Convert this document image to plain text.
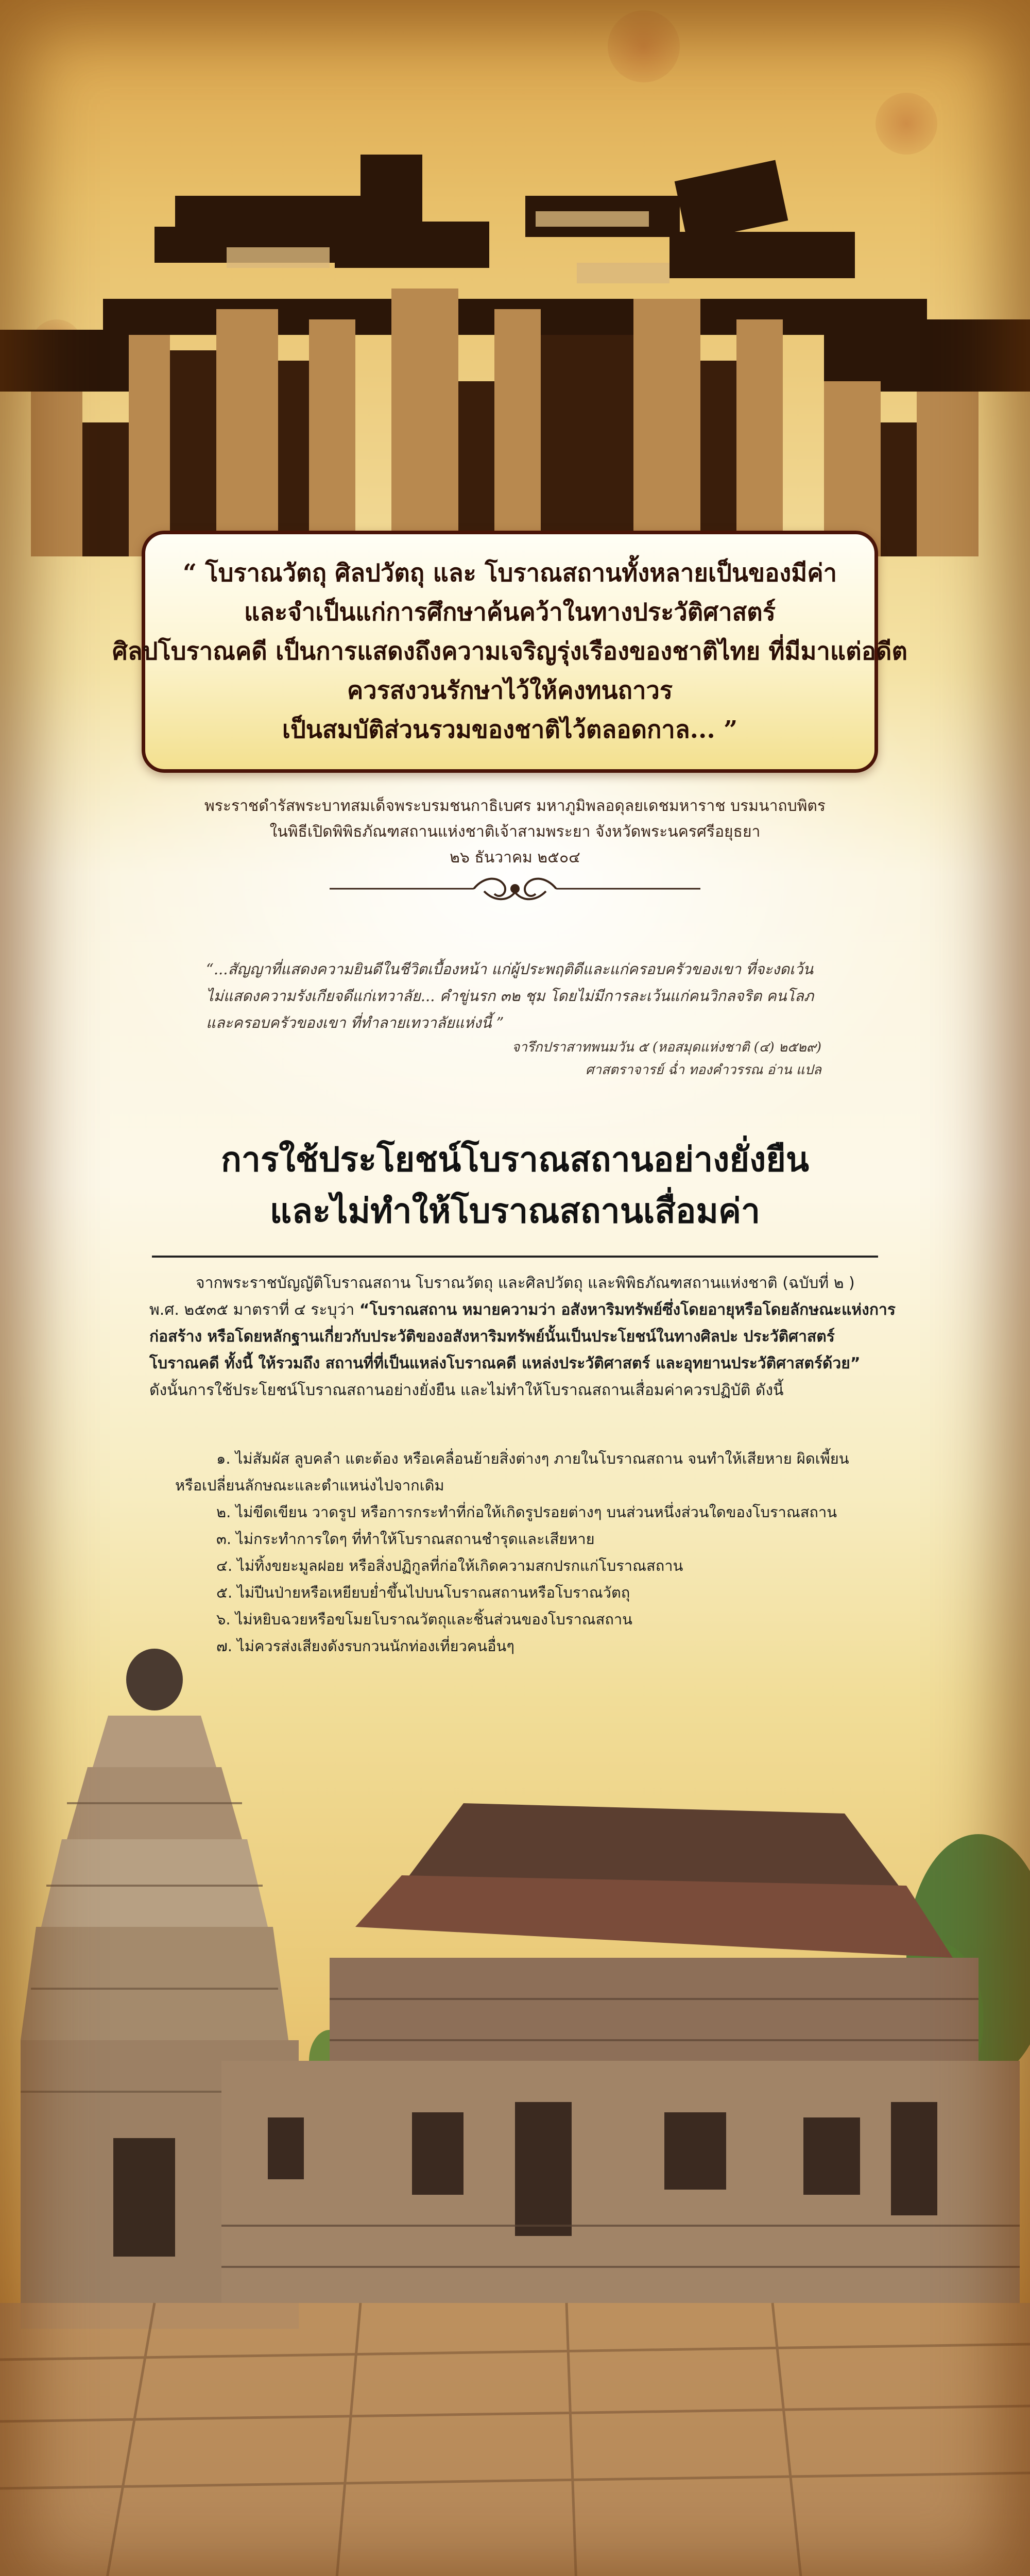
“ โบราณวัตถุ ศิลปวัตถุ และ โบราณสถานทั้งหลายเป็นของมีค่า
และจำเป็นแก่การศึกษาค้นคว้าในทางประวัติศาสตร์
ศิลปโบราณคดี เป็นการแสดงถึงความเจริญรุ่งเรืองของชาติไทย ที่มีมาแต่อดีต
ควรสงวนรักษาไว้ให้คงทนถาวร
เป็นสมบัติส่วนรวมของชาติไว้ตลอดกาล... ”
พระราชดำรัสพระบาทสมเด็จพระบรมชนกาธิเบศร มหาภูมิพลอดุลยเดชมหาราช บรมนาถบพิตร
ในพิธีเปิดพิพิธภัณฑสถานแห่งชาติเจ้าสามพระยา จังหวัดพระนครศรีอยุธยา
๒๖ ธันวาคม ๒๕๐๔
“...สัญญาที่แสดงความยินดีในชีวิตเบื้องหน้า แก่ผู้ประพฤติดีและแก่ครอบครัวของเขา ที่จะงดเว้น
ไม่แสดงความรังเกียจดีแก่เทวาลัย... คำขู่นรก ๓๒ ชุม โดยไม่มีการละเว้นแก่คนวิกลจริต คนโลภ
และครอบครัวของเขา ที่ทำลายเทวาลัยแห่งนี้ ”
จารึกปราสาทพนมวัน ๕ (หอสมุดแห่งชาติ (๔) ๒๕๒๙)
ศาสตราจารย์ ฉ่ำ ทองคำวรรณ อ่าน แปล
การใช้ประโยชน์โบราณสถานอย่างยั่งยืน
และไม่ทำให้โบราณสถานเสื่อมค่า
จากพระราชบัญญัติโบราณสถาน โบราณวัตถุ และศิลปวัตถุ และพิพิธภัณฑสถานแห่งชาติ (ฉบับที่ ๒ )
พ.ศ. ๒๕๓๕ มาตราที่ ๔ ระบุว่า “โบราณสถาน หมายความว่า อสังหาริมทรัพย์ซึ่งโดยอายุหรือโดยลักษณะแห่งการ
ก่อสร้าง หรือโดยหลักฐานเกี่ยวกับประวัติของอสังหาริมทรัพย์นั้นเป็นประโยชน์ในทางศิลปะ ประวัติศาสตร์
โบราณคดี ทั้งนี้ ให้รวมถึง สถานที่ที่เป็นแหล่งโบราณคดี แหล่งประวัติศาสตร์ และอุทยานประวัติศาสตร์ด้วย”
ดังนั้นการใช้ประโยชน์โบราณสถานอย่างยั่งยืน และไม่ทำให้โบราณสถานเสื่อมค่าควรปฏิบัติ ดังนี้
๑. ไม่สัมผัส ลูบคลำ แตะต้อง หรือเคลื่อนย้ายสิ่งต่างๆ ภายในโบราณสถาน จนทำให้เสียหาย ผิดเพี้ยน
หรือเปลี่ยนลักษณะและตำแหน่งไปจากเดิม
๒. ไม่ขีดเขียน วาดรูป หรือการกระทำที่ก่อให้เกิดรูปรอยต่างๆ บนส่วนหนึ่งส่วนใดของโบราณสถาน
๓. ไม่กระทำการใดๆ ที่ทำให้โบราณสถานชำรุดและเสียหาย
๔. ไม่ทิ้งขยะมูลฝอย หรือสิ่งปฏิกูลที่ก่อให้เกิดความสกปรกแก่โบราณสถาน
๕. ไม่ปีนป่ายหรือเหยียบย่ำขึ้นไปบนโบราณสถานหรือโบราณวัตถุ
๖. ไม่หยิบฉวยหรือขโมยโบราณวัตถุและชิ้นส่วนของโบราณสถาน
๗. ไม่ควรส่งเสียงดังรบกวนนักท่องเที่ยวคนอื่นๆ
